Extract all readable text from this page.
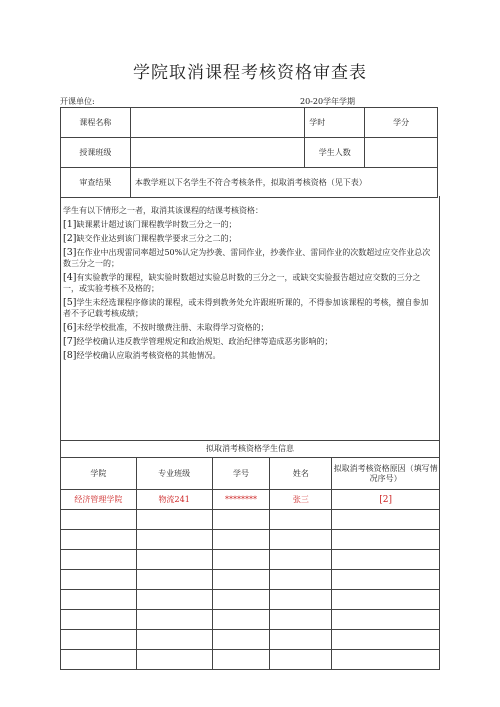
学院取消课程考核资格审查表
开课单位:	20-20学年学期
课程名称		学时	学分
授课班级		学生人数	
审查结果	本教学班以下名学生不符合考核条件，拟取消考核资格（见下表）		
学生有以下情形之一者，取消其该课程的结课考核资格：
[1]缺课累计超过该门课程教学时数三分之一的；
[2]缺交作业达到该门课程教学要求三分之二的；
[3]在作业中出现雷同率超过50%认定为抄袭、雷同作业，抄袭作业、雷同作业的次数超过应交作业总次数三分之一的；
[4]有实验教学的课程，缺实验时数超过实验总时数的三分之一，或缺交实验报告超过应交数的三分之一，或实验考核不及格的；
[5]学生未经选课程序修读的课程，或未得到教务处允许跟班听课的，不得参加该课程的考核，擅自参加者不予记载考核成绩；
[6]未经学校批准，不按时缴费注册、未取得学习资格的；
[7]经学校确认违反教学管理规定和政治规矩、政治纪律等造成恶劣影响的；
[8]经学校确认应取消考核资格的其他情况。
拟取消考核资格学生信息
学院	专业班级	学号	姓名	拟取消考核资格原因（填写情况序号）
经济管理学院	物流241	********	张三	[2]
